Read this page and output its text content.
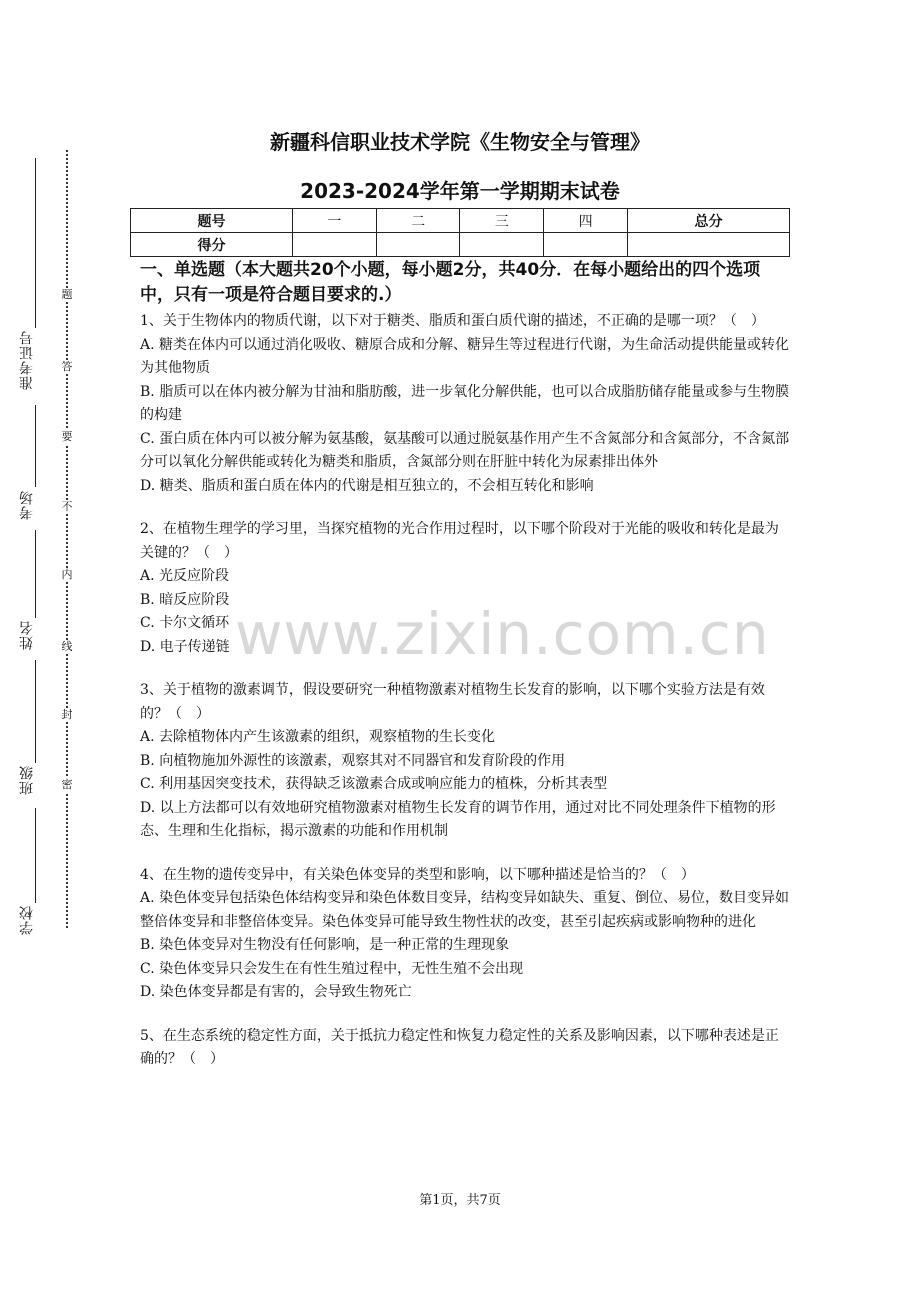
准考证号
考场
姓名
班级
学校
题
答
要
不
内
线
封
密
新疆科信职业技术学院《生物安全与管理》
2023-2024学年第一学期期末试卷
题号	一	二	三	四	总分
得分					
www.zixin.com.cn
一、单选题（本大题共20个小题，每小题2分，共40分．在每小题给出的四个选项中，只有一项是符合题目要求的.）

1、关于生物体内的物质代谢，以下对于糖类、脂质和蛋白质代谢的描述，不正确的是哪一项？（　）

A. 糖类在体内可以通过消化吸收、糖原合成和分解、糖异生等过程进行代谢，为生命活动提供能量或转化为其他物质

B. 脂质可以在体内被分解为甘油和脂肪酸，进一步氧化分解供能，也可以合成脂肪储存能量或参与生物膜的构建

C. 蛋白质在体内可以被分解为氨基酸，氨基酸可以通过脱氨基作用产生不含氮部分和含氮部分，不含氮部分可以氧化分解供能或转化为糖类和脂质，含氮部分则在肝脏中转化为尿素排出体外

D. 糖类、脂质和蛋白质在体内的代谢是相互独立的，不会相互转化和影响

2、在植物生理学的学习里，当探究植物的光合作用过程时，以下哪个阶段对于光能的吸收和转化是最为关键的？（　）

A. 光反应阶段

B. 暗反应阶段

C. 卡尔文循环

D. 电子传递链

3、关于植物的激素调节，假设要研究一种植物激素对植物生长发育的影响，以下哪个实验方法是有效的？（　）

A. 去除植物体内产生该激素的组织，观察植物的生长变化

B. 向植物施加外源性的该激素，观察其对不同器官和发育阶段的作用

C. 利用基因突变技术，获得缺乏该激素合成或响应能力的植株，分析其表型

D. 以上方法都可以有效地研究植物激素对植物生长发育的调节作用，通过对比不同处理条件下植物的形态、生理和生化指标，揭示激素的功能和作用机制

4、在生物的遗传变异中，有关染色体变异的类型和影响，以下哪种描述是恰当的？（　）

A. 染色体变异包括染色体结构变异和染色体数目变异，结构变异如缺失、重复、倒位、易位，数目变异如整倍体变异和非整倍体变异。染色体变异可能导致生物性状的改变，甚至引起疾病或影响物种的进化

B. 染色体变异对生物没有任何影响，是一种正常的生理现象

C. 染色体变异只会发生在有性生殖过程中，无性生殖不会出现

D. 染色体变异都是有害的，会导致生物死亡

5、在生态系统的稳定性方面，关于抵抗力稳定性和恢复力稳定性的关系及影响因素，以下哪种表述是正确的？（　）

第1页，共7页
